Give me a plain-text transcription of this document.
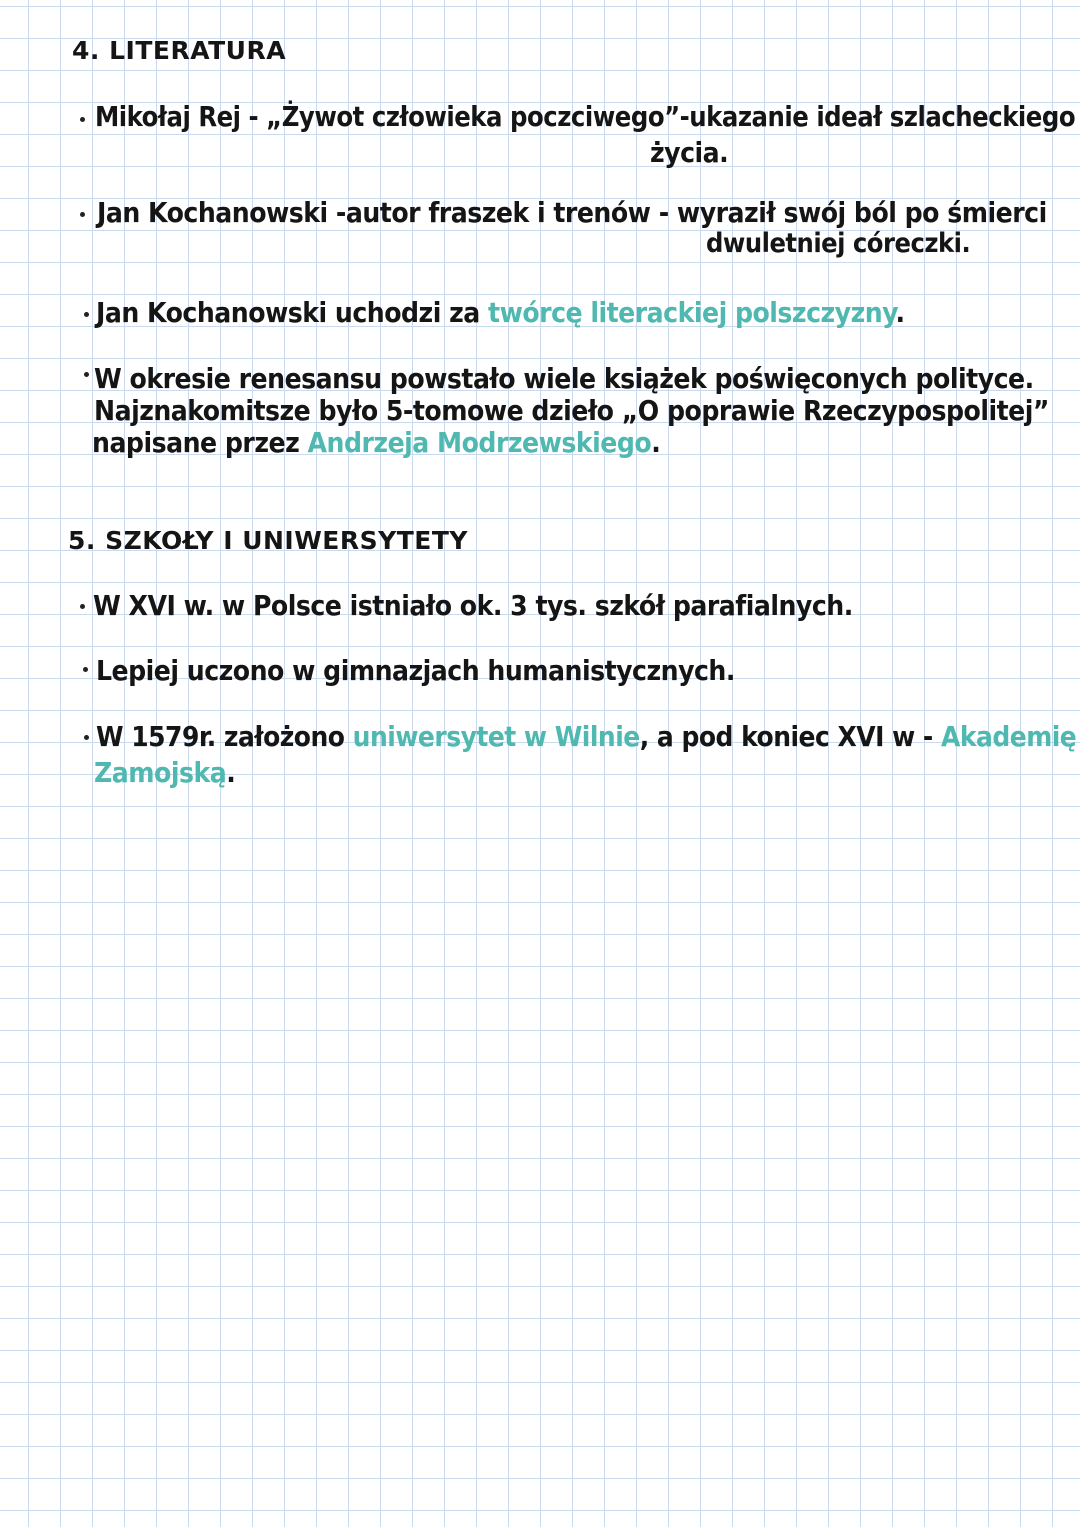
4. LITERATURA
Mikołaj Rej - „Żywot człowieka poczciwego”-ukazanie ideał szlacheckiego
życia.
Jan Kochanowski -autor fraszek i trenów - wyraził swój ból po śmierci
dwuletniej córeczki.
Jan Kochanowski uchodzi za twórcę literackiej polszczyzny.
W okresie renesansu powstało wiele książek poświęconych polityce.
Najznakomitsze było 5-tomowe dzieło „O poprawie Rzeczypospolitej”
napisane przez Andrzeja Modrzewskiego.
5. SZKOŁY I UNIWERSYTETY
W XVI w. w Polsce istniało ok. 3 tys. szkół parafialnych.
Lepiej uczono w gimnazjach humanistycznych.
W 1579r. założono uniwersytet w Wilnie, a pod koniec XVI w - Akademię
Zamojską.
